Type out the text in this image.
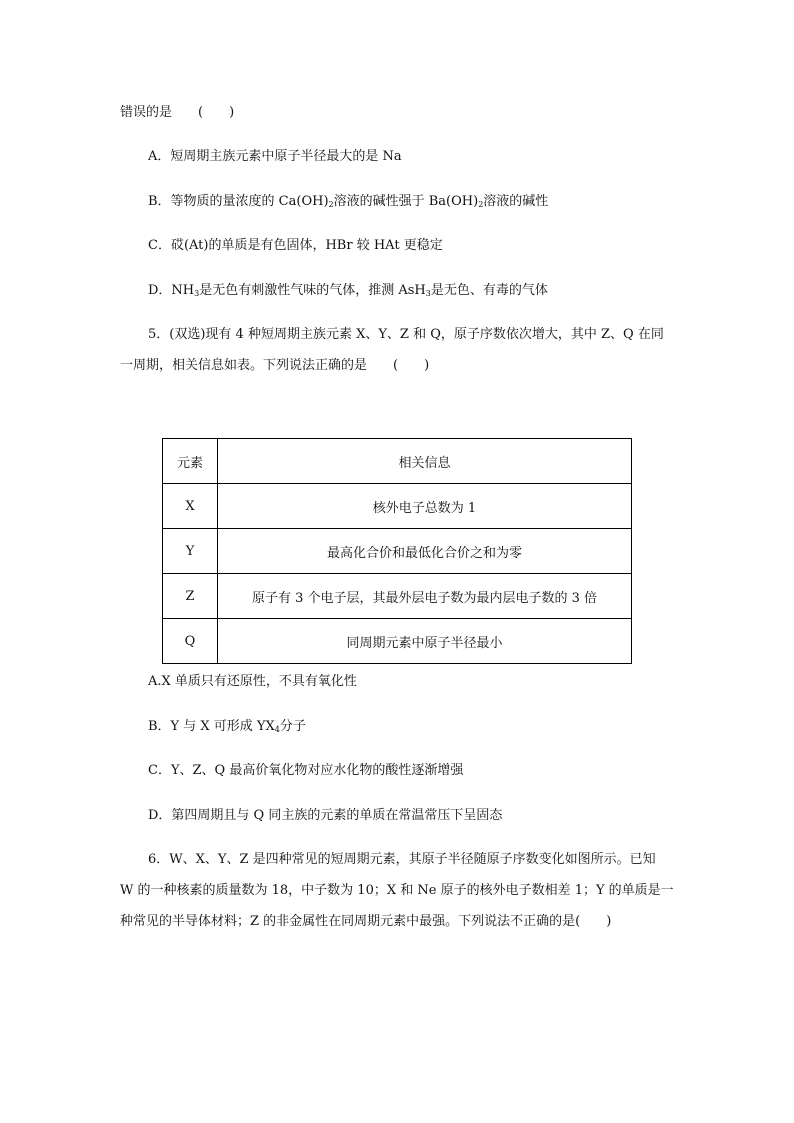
错误的是　　(　　)
A．短周期主族元素中原子半径最大的是 Na
B．等物质的量浓度的 $Ca(OH)_2$溶液的碱性强于 $Ba(OH)_2$溶液的碱性
C．砹(At)的单质是有色固体，HBr 较 HAt 更稳定
D．$NH_3$是无色有刺激性气味的气体，推测 AsH$_3$是无色、有毒的气体
5．(双选)现有 4 种短周期主族元素 X、Y、Z 和 Q，原子序数依次增大，其中 Z、Q 在同
一周期，相关信息如表。下列说法正确的是　　(　　)
元素	相关信息
X	核外电子总数为 1
Y	最高化合价和最低化合价之和为零
Z	原子有 3 个电子层，其最外层电子数为最内层电子数的 3 倍
Q	同周期元素中原子半径最小
A.X 单质只有还原性，不具有氧化性
B．Y 与 X 可形成 $YX_4$分子
C．Y、Z、Q 最高价氧化物对应水化物的酸性逐渐增强
D．第四周期且与 Q 同主族的元素的单质在常温常压下呈固态
6．W、X、Y、Z 是四种常见的短周期元素，其原子半径随原子序数变化如图所示。已知
W 的一种核素的质量数为 18，中子数为 10；X 和 Ne 原子的核外电子数相差 1；Y 的单质是一
种常见的半导体材料；Z 的非金属性在同周期元素中最强。下列说法不正确的是(　　)
